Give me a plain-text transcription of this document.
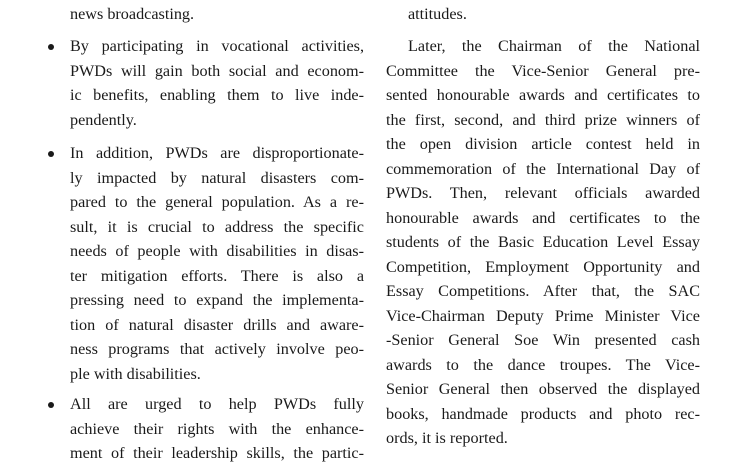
news broadcasting.
By participating in vocational activities,
PWDs will gain both social and econom-
ic benefits, enabling them to live inde-
pendently.
In addition, PWDs are disproportionate-
ly impacted by natural disasters com-
pared to the general population. As a re-
sult, it is crucial to address the specific
needs of people with disabilities in disas-
ter mitigation efforts. There is also a
pressing need to expand the implementa-
tion of natural disaster drills and aware-
ness programs that actively involve peo-
ple with disabilities.
All are urged to help PWDs fully
achieve their rights with the enhance-
ment of their leadership skills, the partic-
attitudes.
Later, the Chairman of the National
Committee the Vice-Senior General pre-
sented honourable awards and certificates to
the first, second, and third prize winners of
the open division article contest held in
commemoration of the International Day of
PWDs. Then, relevant officials awarded
honourable awards and certificates to the
students of the Basic Education Level Essay
Competition, Employment Opportunity and
Essay Competitions. After that, the SAC
Vice-Chairman Deputy Prime Minister Vice
-Senior General Soe Win presented cash
awards to the dance troupes. The Vice-
Senior General then observed the displayed
books, handmade products and photo rec-
ords, it is reported.
